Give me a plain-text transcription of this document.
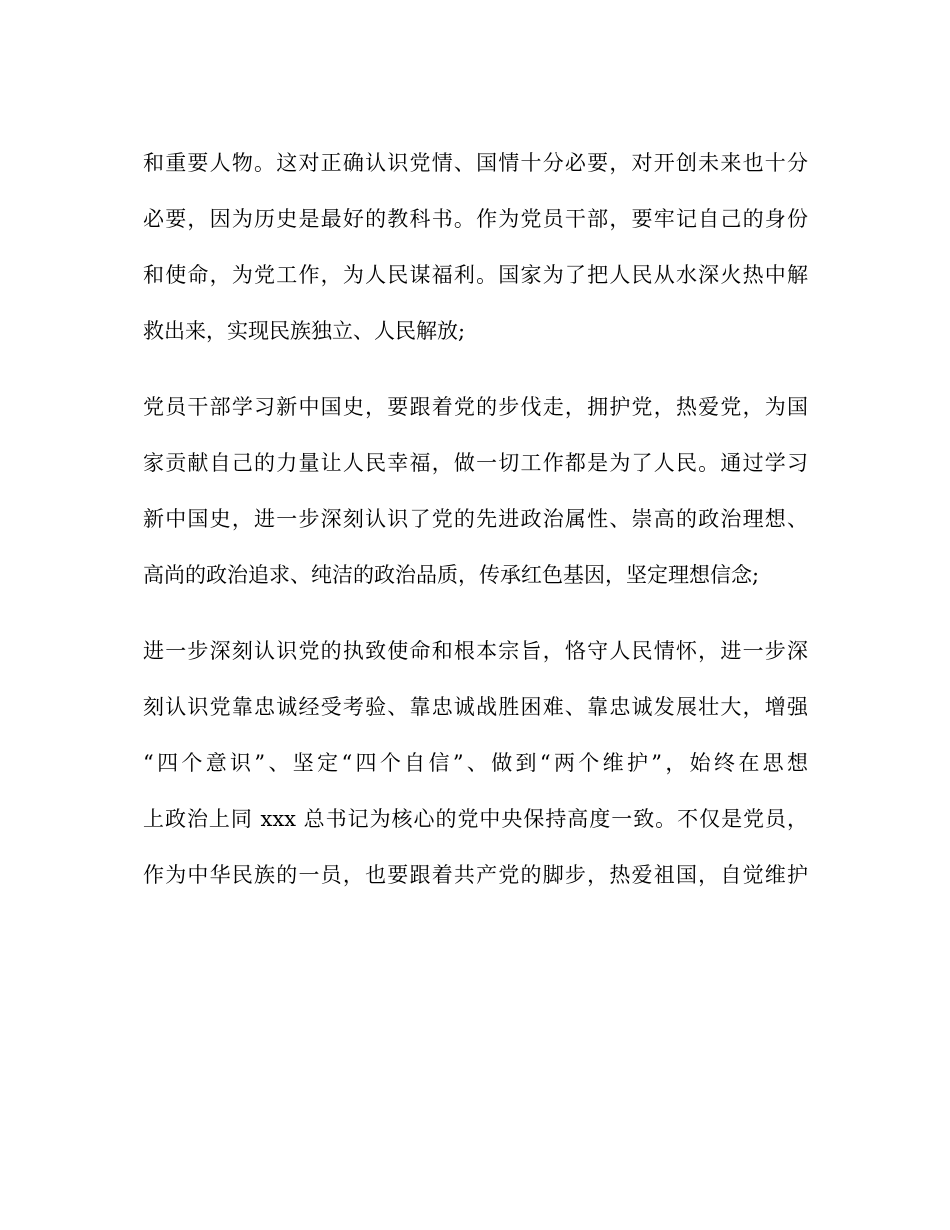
和重要人物。这对正确认识党情、国情十分必要，对开创未来也十分
必要，因为历史是最好的教科书。作为党员干部，要牢记自己的身份
和使命，为党工作，为人民谋福利。国家为了把人民从水深火热中解
救出来，实现民族独立、人民解放;
党员干部学习新中国史，要跟着党的步伐走，拥护党，热爱党，为国
家贡献自己的力量让人民幸福，做一切工作都是为了人民。通过学习
新中国史，进一步深刻认识了党的先进政治属性、崇高的政治理想、
高尚的政治追求、纯洁的政治品质，传承红色基因，坚定理想信念;
进一步深刻认识党的执致使命和根本宗旨，恪守人民情怀，进一步深
刻认识党靠忠诚经受考验、靠忠诚战胜困难、靠忠诚发展壮大，增强
“四个意识”、坚定“四个自信”、做到“两个维护”，始终在思想
上政治上同 xxx 总书记为核心的党中央保持高度一致。不仅是党员，
作为中华民族的一员，也要跟着共产党的脚步，热爱祖国，自觉维护
